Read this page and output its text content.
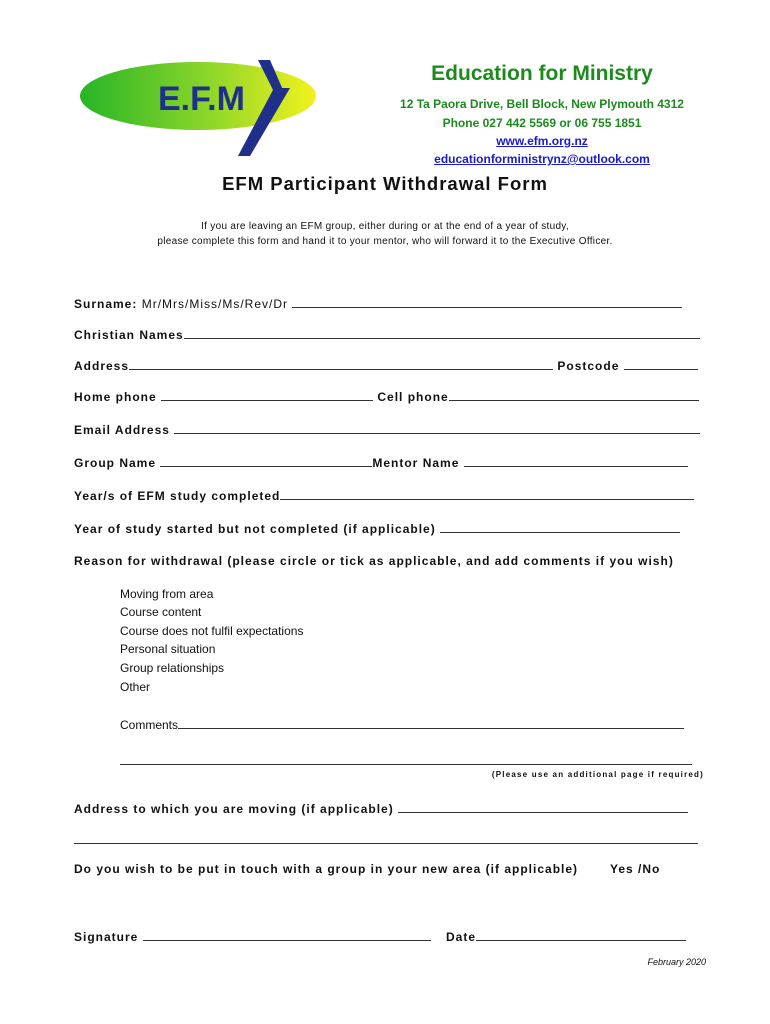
E.F.M
Education for Ministry
12 Ta Paora Drive, Bell Block, New Plymouth 4312
Phone 027 442 5569 or 06 755 1851
www.efm.org.nz
educationforministrynz@outlook.com
EFM Participant Withdrawal Form
If you are leaving an EFM group, either during or at the end of a year of study,
please complete this form and hand it to your mentor, who will forward it to the Executive Officer.
Surname: Mr/Mrs/Miss/Ms/Rev/Dr
Christian Names
Address	Postcode
Home phone	Cell phone
Email Address
Group Name	Mentor Name
Year/s of EFM study completed
Year of study started but not completed (if applicable)
Reason for withdrawal (please circle or tick as applicable, and add comments if you wish)
Moving from area
Course content
Course does not fulfil expectations
Personal situation
Group relationships
Other
Comments
(Please use an additional page if required)
Address to which you are moving (if applicable)
Do you wish to be put in touch with a group in your new area (if applicable)	Yes /No
Signature	Date
February 2020
